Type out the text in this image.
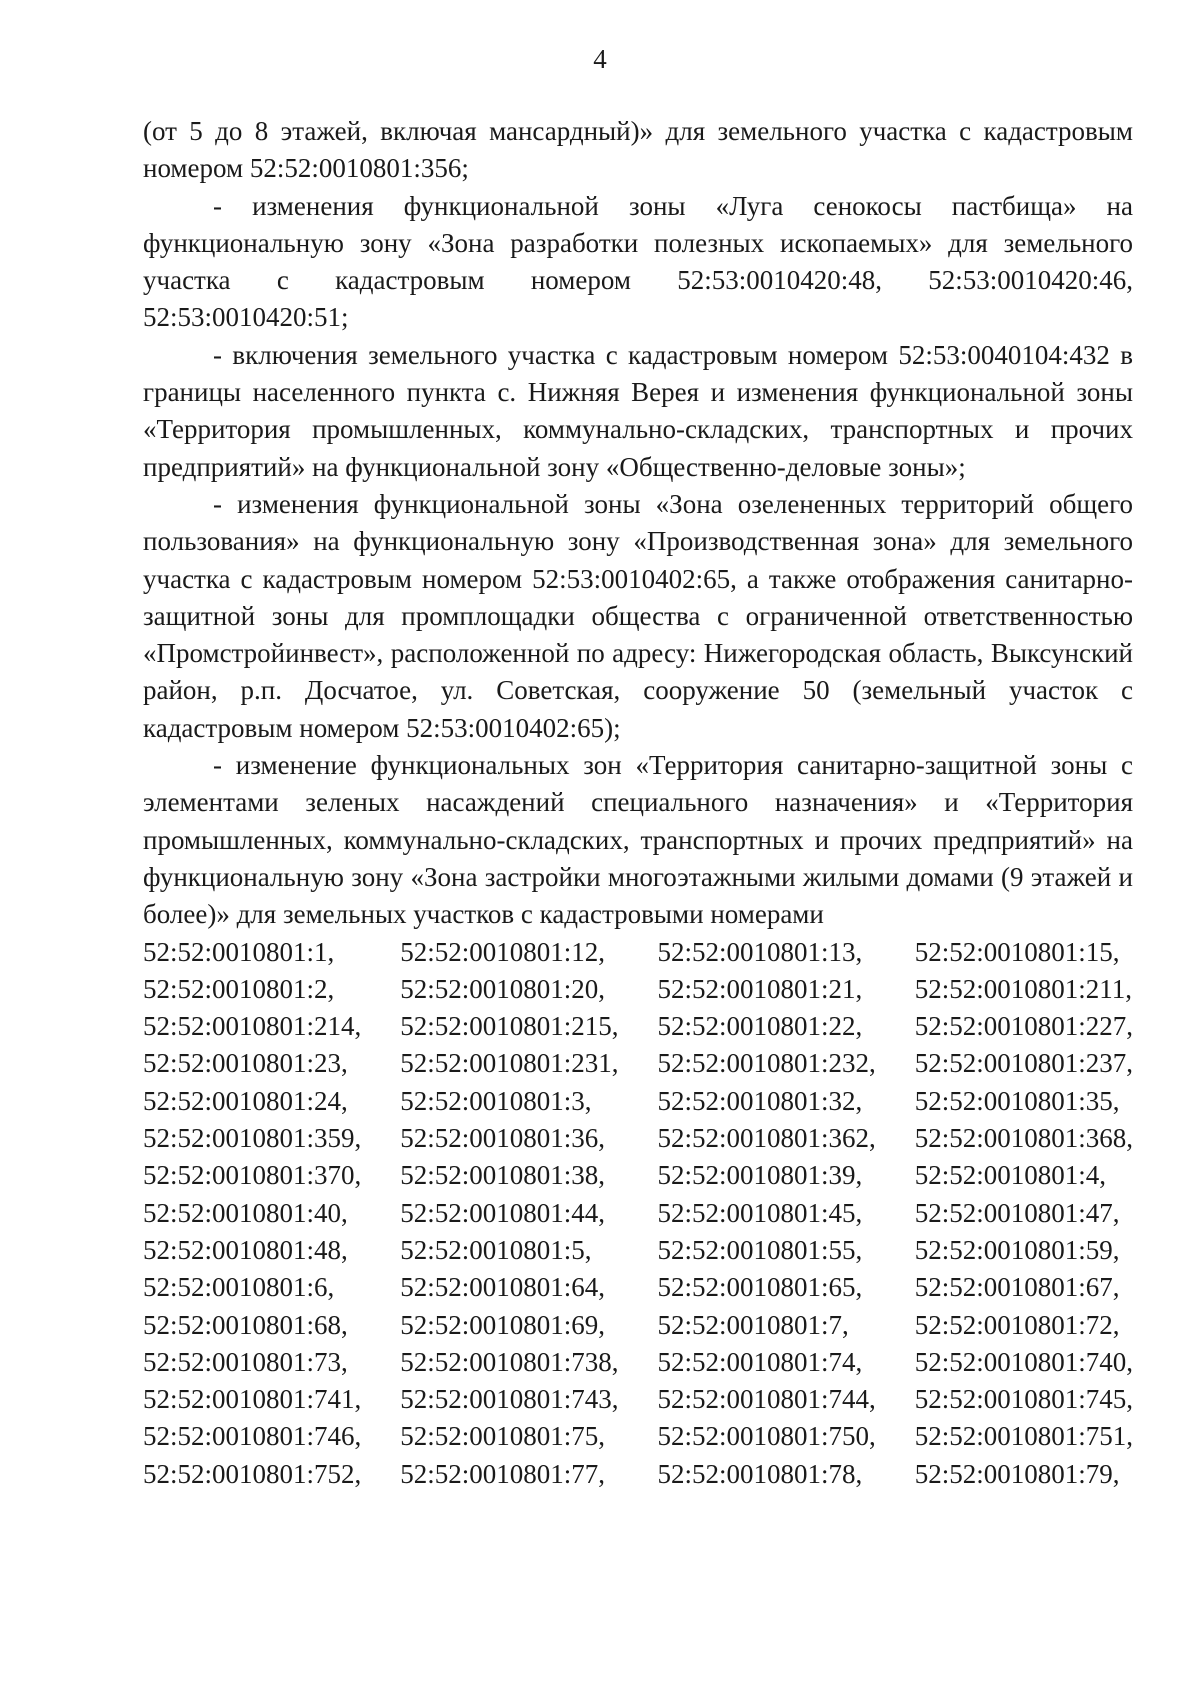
4

(от 5 до 8 этажей, включая мансардный)» для земельного участка с кадастровым номером 52:52:0010801:356;

- изменения функциональной зоны «Луга сенокосы пастбища» на функциональную зону «Зона разработки полезных ископаемых» для земельного участка с кадастровым номером 52:53:0010420:48, 52:53:0010420:46, 52:53:0010420:51;

- включения земельного участка с кадастровым номером 52:53:0040104:432 в границы населенного пункта с. Нижняя Верея и изменения функциональной зоны «Территория промышленных, коммунально-складских, транспортных и прочих предприятий» на функциональной зону «Общественно-деловые зоны»;

- изменения функциональной зоны «Зона озелененных территорий общего пользования» на функциональную зону «Производственная зона» для земельного участка с кадастровым номером 52:53:0010402:65, а также отображения санитарно-защитной зоны для промплощадки общества с ограниченной ответственностью «Промстройинвест», расположенной по адресу: Нижегородская область, Выксунский район, р.п. Досчатое, ул. Советская, сооружение 50 (земельный участок с кадастровым номером 52:53:0010402:65);

- изменение функциональных зон «Территория санитарно-защитной зоны с элементами зеленых насаждений специального назначения» и «Территория промышленных, коммунально-складских, транспортных и прочих предприятий» на функциональную зону «Зона застройки многоэтажными жилыми домами (9 этажей и более)» для земельных участков с кадастровыми номерами

52:52:0010801:1,	52:52:0010801:12,	52:52:0010801:13,	52:52:0010801:15,
52:52:0010801:2,	52:52:0010801:20,	52:52:0010801:21,	52:52:0010801:211,
52:52:0010801:214, 52:52:0010801:215, 52:52:0010801:22,	52:52:0010801:227,
52:52:0010801:23,	52:52:0010801:231, 52:52:0010801:232, 52:52:0010801:237,
52:52:0010801:24,	52:52:0010801:3,	52:52:0010801:32,	52:52:0010801:35,
52:52:0010801:359, 52:52:0010801:36,	52:52:0010801:362, 52:52:0010801:368,
52:52:0010801:370, 52:52:0010801:38,	52:52:0010801:39,	52:52:0010801:4,
52:52:0010801:40,	52:52:0010801:44,	52:52:0010801:45,	52:52:0010801:47,
52:52:0010801:48,	52:52:0010801:5,	52:52:0010801:55,	52:52:0010801:59,
52:52:0010801:6,	52:52:0010801:64,	52:52:0010801:65,	52:52:0010801:67,
52:52:0010801:68,	52:52:0010801:69,	52:52:0010801:7,	52:52:0010801:72,
52:52:0010801:73,	52:52:0010801:738, 52:52:0010801:74,	52:52:0010801:740,
52:52:0010801:741, 52:52:0010801:743, 52:52:0010801:744, 52:52:0010801:745,
52:52:0010801:746, 52:52:0010801:75,	52:52:0010801:750, 52:52:0010801:751,
52:52:0010801:752, 52:52:0010801:77,	52:52:0010801:78,	52:52:0010801:79,
